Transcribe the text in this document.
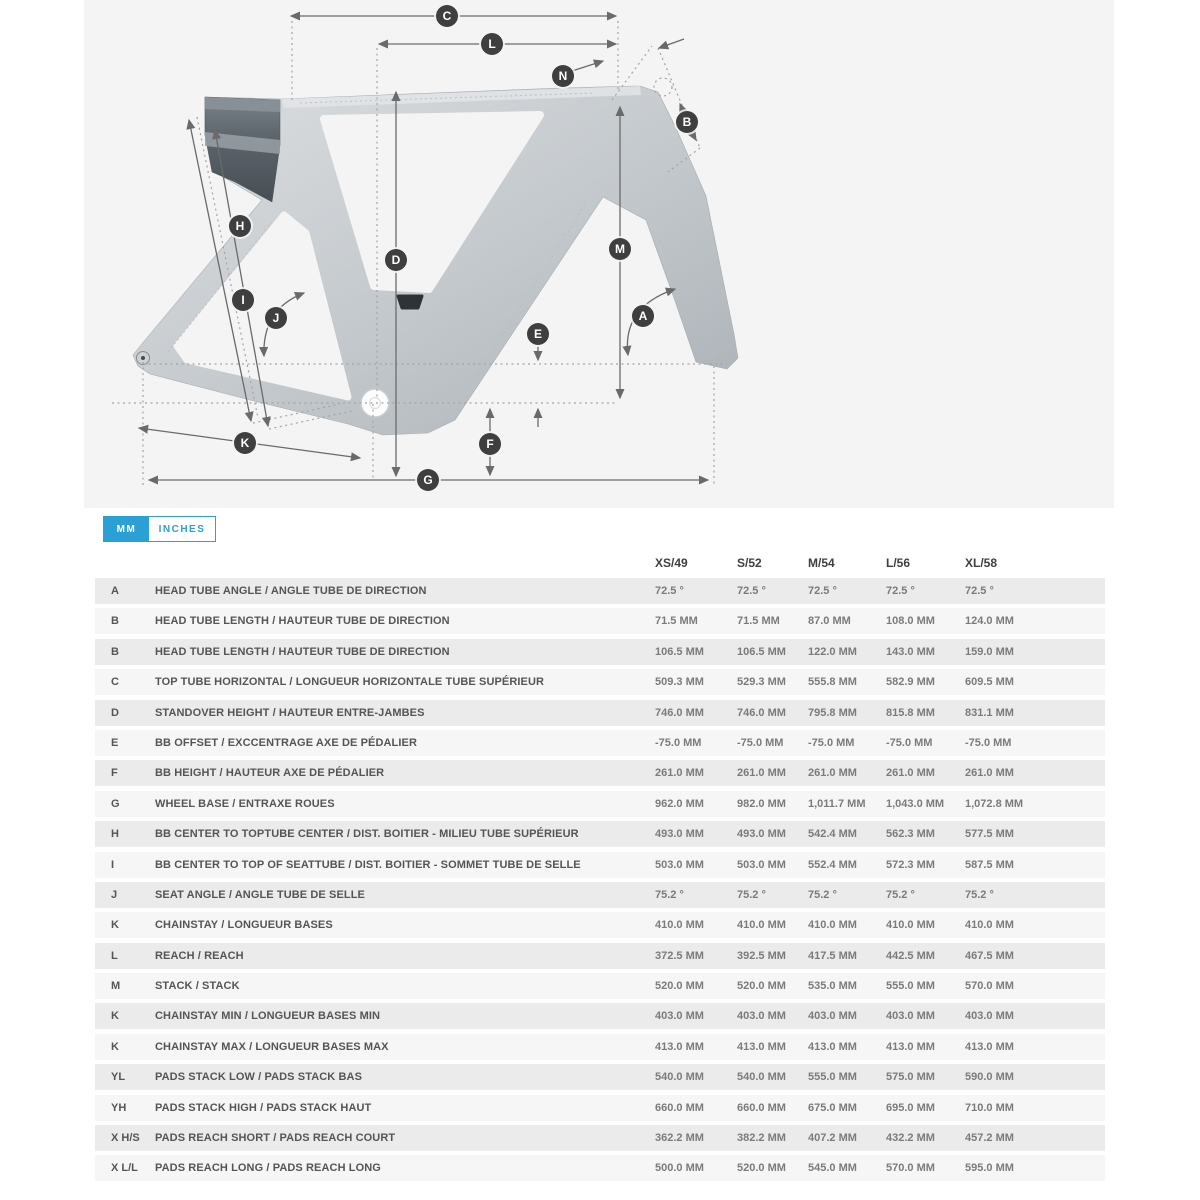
C
L
N
B
H
I
D
M
E
A
J
F
K
G
MM	INCHES
XS/49	S/52	M/54	L/56	XL/58
A	HEAD TUBE ANGLE / ANGLE TUBE DE DIRECTION	72.5 °	72.5 °	72.5 °	72.5 °	72.5 °
B	HEAD TUBE LENGTH / HAUTEUR TUBE DE DIRECTION	71.5 MM	71.5 MM	87.0 MM	108.0 MM	124.0 MM
B	HEAD TUBE LENGTH / HAUTEUR TUBE DE DIRECTION	106.5 MM	106.5 MM	122.0 MM	143.0 MM	159.0 MM
C	TOP TUBE HORIZONTAL / LONGUEUR HORIZONTALE TUBE SUPÉRIEUR	509.3 MM	529.3 MM	555.8 MM	582.9 MM	609.5 MM
D	STANDOVER HEIGHT / HAUTEUR ENTRE-JAMBES	746.0 MM	746.0 MM	795.8 MM	815.8 MM	831.1 MM
E	BB OFFSET / EXCCENTRAGE AXE DE PÉDALIER	-75.0 MM	-75.0 MM	-75.0 MM	-75.0 MM	-75.0 MM
F	BB HEIGHT / HAUTEUR AXE DE PÉDALIER	261.0 MM	261.0 MM	261.0 MM	261.0 MM	261.0 MM
G	WHEEL BASE / ENTRAXE ROUES	962.0 MM	982.0 MM	1,011.7 MM	1,043.0 MM	1,072.8 MM
H	BB CENTER TO TOPTUBE CENTER / DIST. BOITIER - MILIEU TUBE SUPÉRIEUR	493.0 MM	493.0 MM	542.4 MM	562.3 MM	577.5 MM
I	BB CENTER TO TOP OF SEATTUBE / DIST. BOITIER - SOMMET TUBE DE SELLE	503.0 MM	503.0 MM	552.4 MM	572.3 MM	587.5 MM
J	SEAT ANGLE / ANGLE TUBE DE SELLE	75.2 °	75.2 °	75.2 °	75.2 °	75.2 °
K	CHAINSTAY / LONGUEUR BASES	410.0 MM	410.0 MM	410.0 MM	410.0 MM	410.0 MM
L	REACH / REACH	372.5 MM	392.5 MM	417.5 MM	442.5 MM	467.5 MM
M	STACK / STACK	520.0 MM	520.0 MM	535.0 MM	555.0 MM	570.0 MM
K	CHAINSTAY MIN / LONGUEUR BASES MIN	403.0 MM	403.0 MM	403.0 MM	403.0 MM	403.0 MM
K	CHAINSTAY MAX / LONGUEUR BASES MAX	413.0 MM	413.0 MM	413.0 MM	413.0 MM	413.0 MM
YL	PADS STACK LOW / PADS STACK BAS	540.0 MM	540.0 MM	555.0 MM	575.0 MM	590.0 MM
YH	PADS STACK HIGH / PADS STACK HAUT	660.0 MM	660.0 MM	675.0 MM	695.0 MM	710.0 MM
X H/S	PADS REACH SHORT / PADS REACH COURT	362.2 MM	382.2 MM	407.2 MM	432.2 MM	457.2 MM
X L/L	PADS REACH LONG / PADS REACH LONG	500.0 MM	520.0 MM	545.0 MM	570.0 MM	595.0 MM
